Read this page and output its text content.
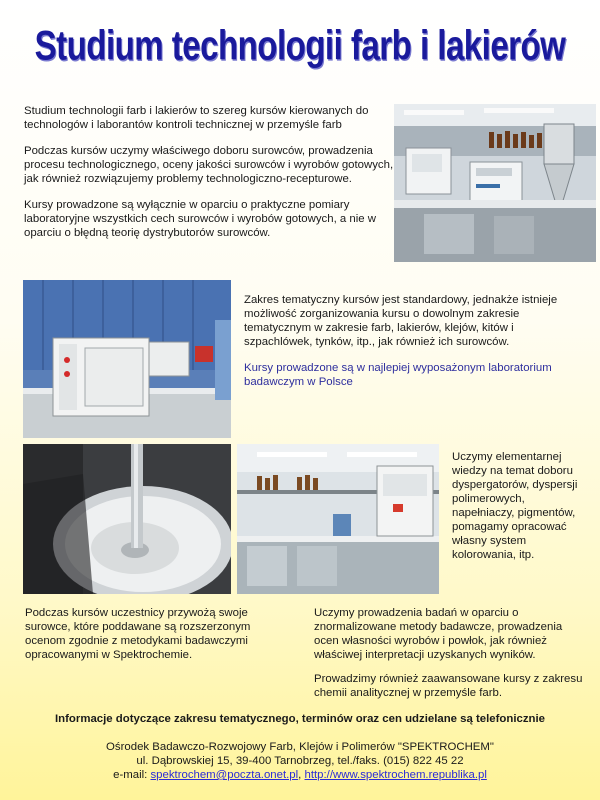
Studium technologii farb i lakierów

Studium technologii farb i lakierów to szereg kursów kierowanych do technologów i laborantów kontroli technicznej w przemyśle farb

Podczas kursów uczymy właściwego doboru surowców, prowadzenia procesu technologicznego, oceny jakości surowców i wyrobów gotowych, jak również rozwiązujemy problemy technologiczno-recepturowe.

Kursy prowadzone są wyłącznie w oparciu o praktyczne pomiary laboratoryjne wszystkich cech surowców i wyrobów gotowych, a nie w oparciu o błędną teorię dystrybutorów surowców.

Zakres tematyczny kursów jest standardowy, jednakże istnieje możliwość zorganizowania kursu o dowolnym zakresie tematycznym w zakresie farb, lakierów, klejów, kitów i szpachlówek, tynków, itp., jak również ich surowców.

Kursy prowadzone są w najlepiej wyposażonym laboratorium badawczym w Polsce

Uczymy elementarnej wiedzy na temat doboru dyspergatorów, dyspersji polimerowych, napełniaczy, pigmentów, pomagamy opracować własny system kolorowania, itp.

Podczas kursów uczestnicy przywożą swoje surowce, które poddawane są rozszerzonym ocenom zgodnie z metodykami badawczymi opracowanymi w Spektrochemie.

Uczymy prowadzenia badań w oparciu o znormalizowane metody badawcze, prowadzenia ocen własności wyrobów i powłok, jak również właściwej interpretacji uzyskanych wyników.

Prowadzimy również zaawansowane kursy z zakresu chemii analitycznej w przemyśle farb.

Informacje dotyczące zakresu tematycznego, terminów oraz cen udzielane są telefonicznie
Ośrodek Badawczo-Rozwojowy Farb, Klejów i Polimerów "SPEKTROCHEM"
ul. Dąbrowskiej 15, 39-400 Tarnobrzeg, tel./faks. (015) 822 45 22
e-mail: spektrochem@poczta.onet.pl, http://www.spektrochem.republika.pl
